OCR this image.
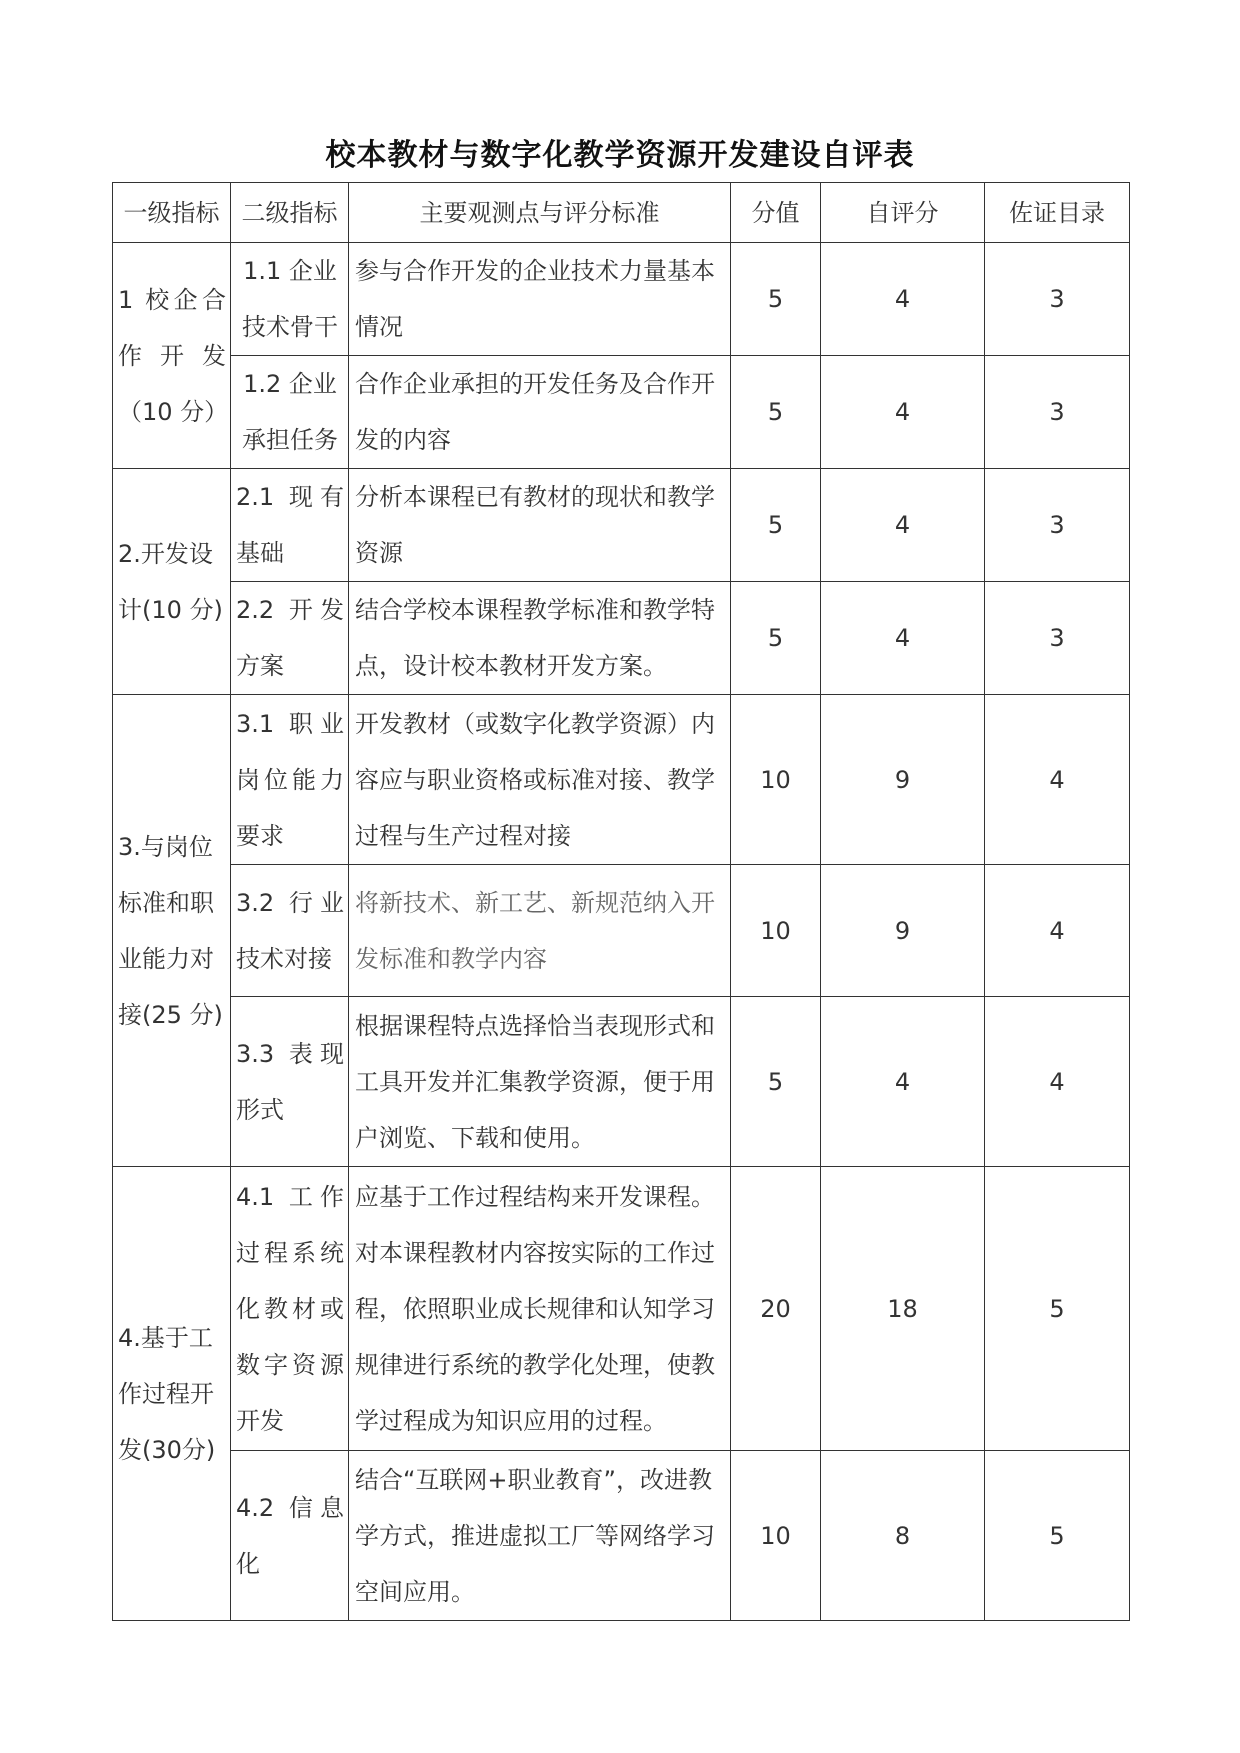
校本教材与数字化教学资源开发建设自评表
一级指标	二级指标	主要观测点与评分标准	分值	自评分	佐证目录
1 校企合作 开 发（10 分）	1.1 企业技术骨干	参与合作开发的企业技术力量基本情况	5	4	3
	1.2 企业承担任务	合作企业承担的开发任务及合作开发的内容	5	4	3
2.开发设计(10 分)	2.1 现有基础	分析本课程已有教材的现状和教学资源	5	4	3
	2.2 开发方案	结合学校本课程教学标准和教学特点，设计校本教材开发方案。	5	4	3
3.与岗位标准和职业能力对接(25 分)	3.1 职业岗位能力要求	开发教材（或数字化教学资源）内容应与职业资格或标准对接、教学过程与生产过程对接	10	9	4
	3.2 行业技术对接	将新技术、新工艺、新规范纳入开发标准和教学内容	10	9	4
	3.3 表现形式	根据课程特点选择恰当表现形式和工具开发并汇集教学资源，便于用户浏览、下载和使用。	5	4	4
4.基于工作过程开发(30分)	4.1 工作过程系统化教材或数字资源开发	应基于工作过程结构来开发课程。对本课程教材内容按实际的工作过程，依照职业成长规律和认知学习规律进行系统的教学化处理，使教学过程成为知识应用的过程。	20	18	5
	4.2 信息化	结合“互联网+职业教育”，改进教学方式，推进虚拟工厂等网络学习空间应用。	10	8	5
